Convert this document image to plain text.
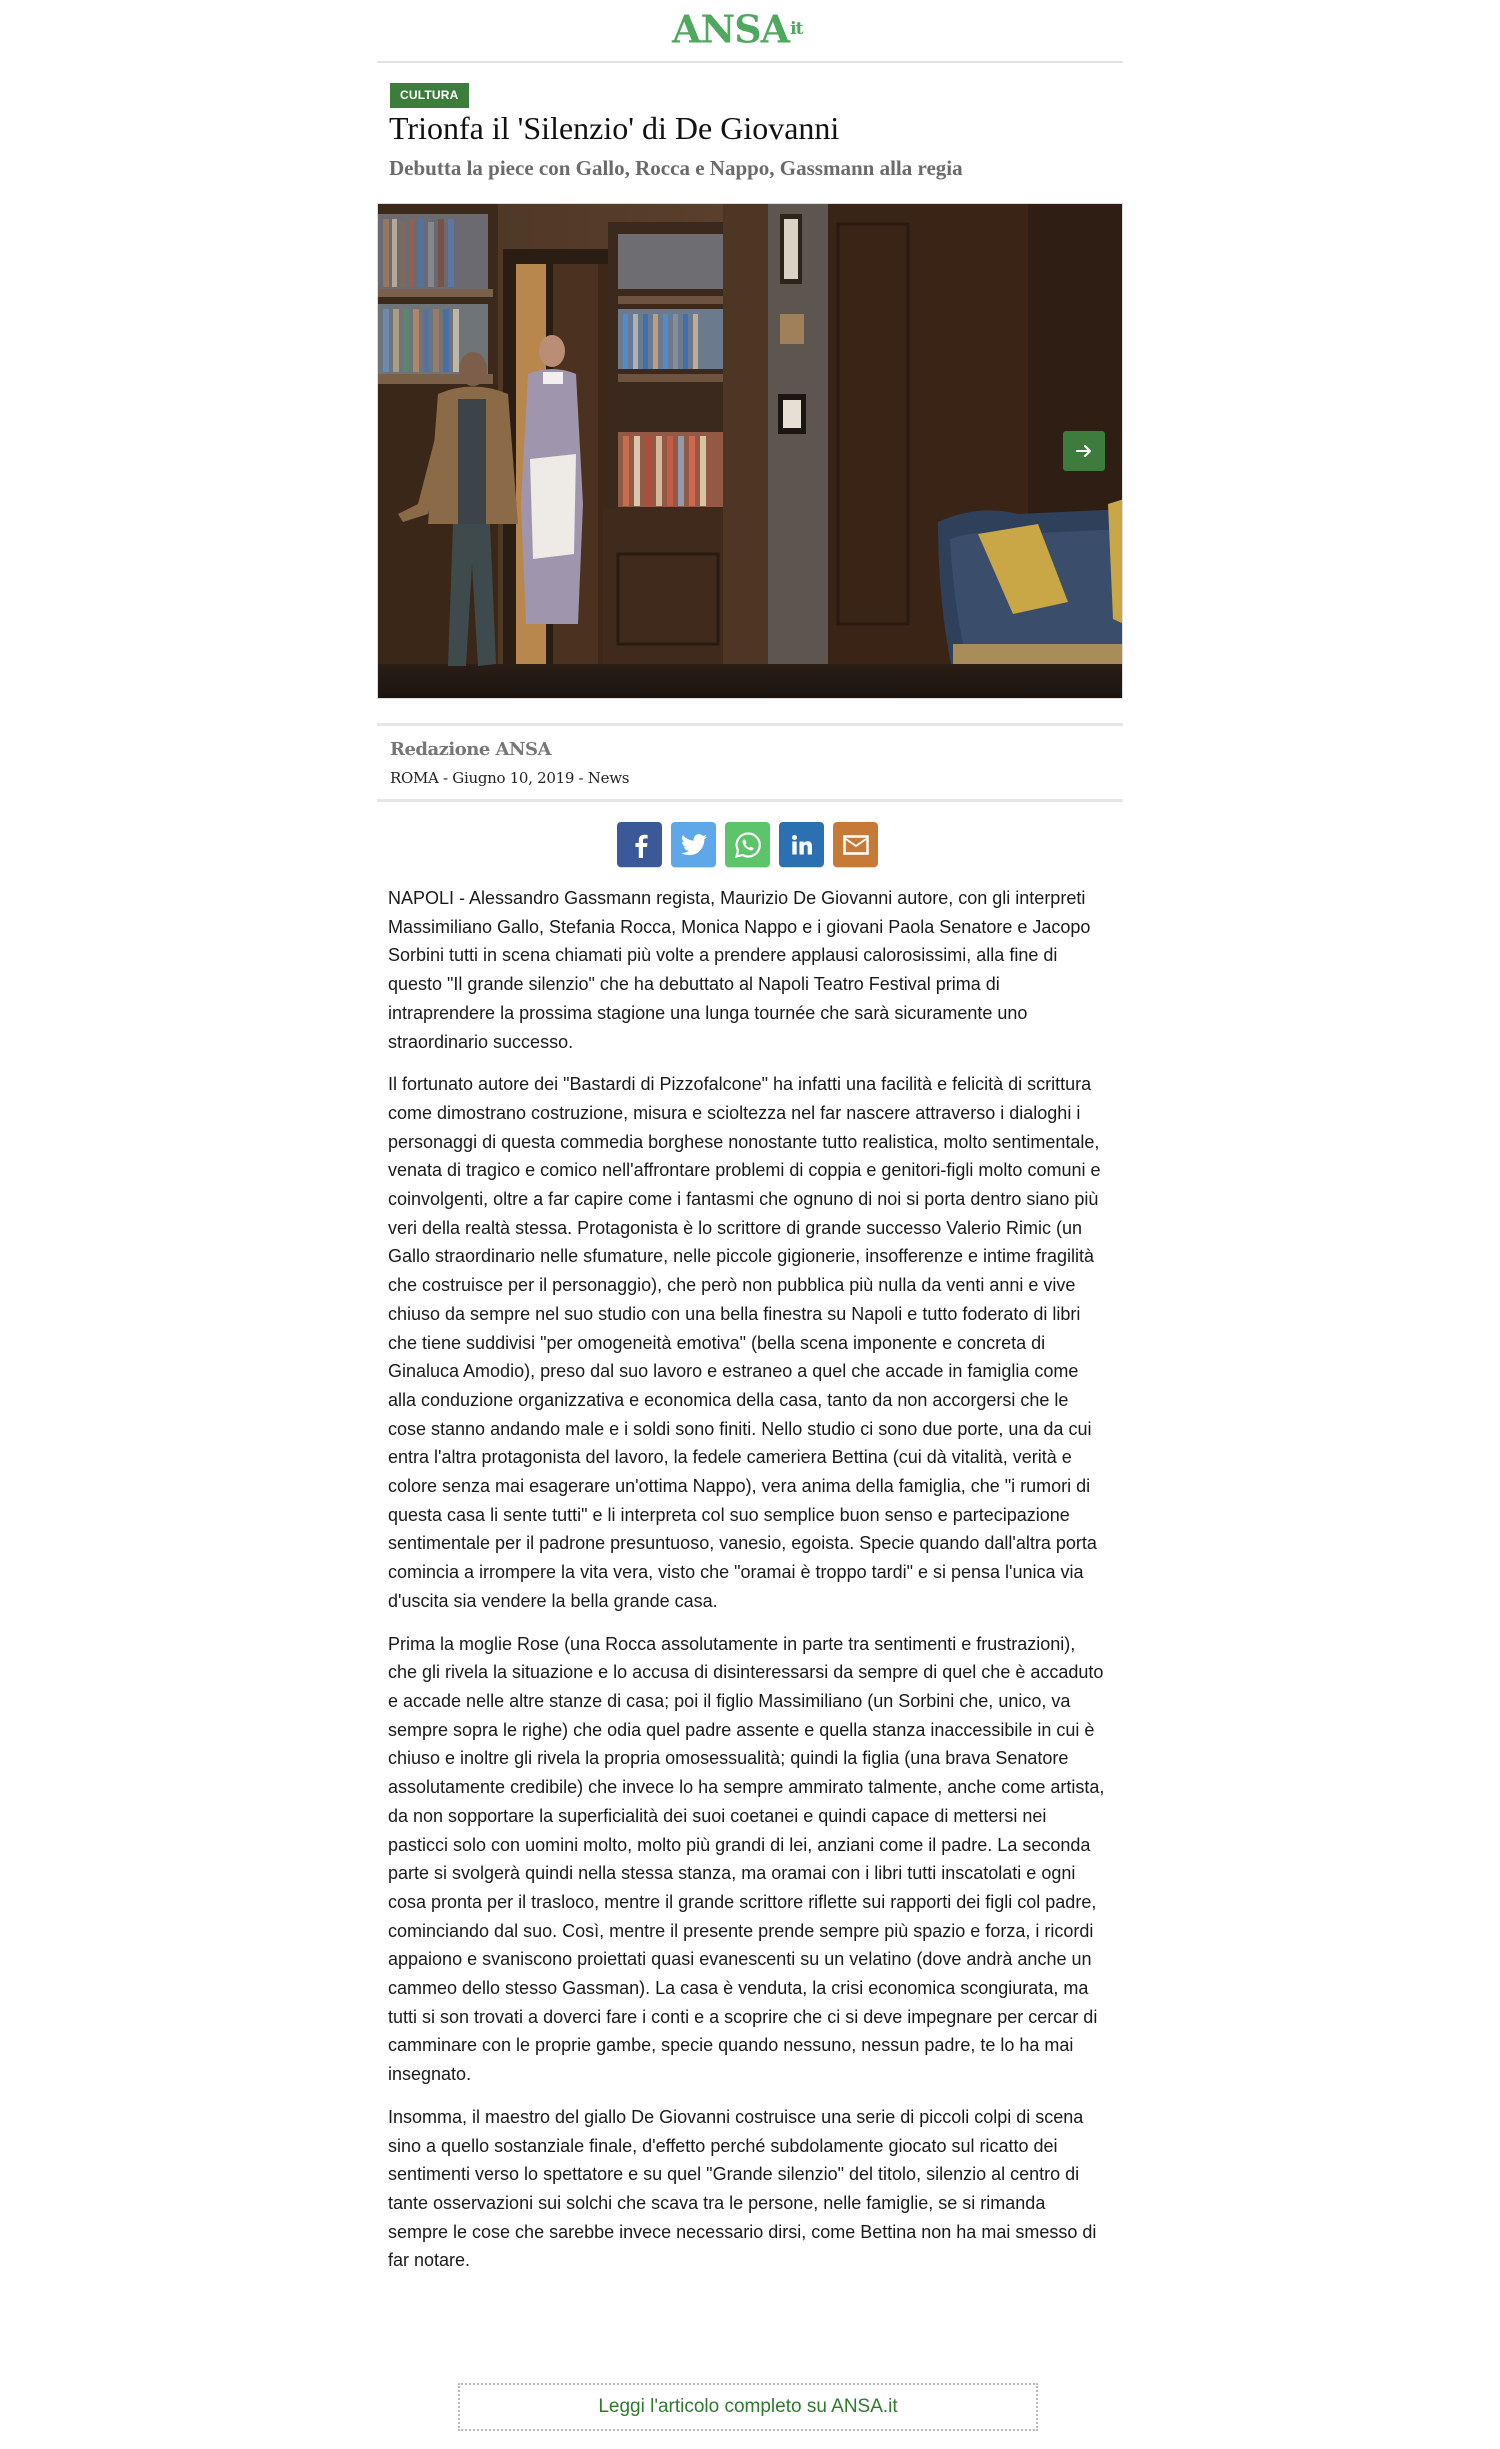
ANSA it
CULTURA
Trionfa il 'Silenzio' di De Giovanni
Debutta la piece con Gallo, Rocca e Nappo, Gassmann alla regia
Redazione ANSA
ROMA - Giugno 10, 2019 - News

NAPOLI - Alessandro Gassmann regista, Maurizio De Giovanni autore, con gli interpreti Massimiliano Gallo, Stefania Rocca, Monica Nappo e i giovani Paola Senatore e Jacopo Sorbini tutti in scena chiamati più volte a prendere applausi calorosissimi, alla fine di questo "Il grande silenzio" che ha debuttato al Napoli Teatro Festival prima di intraprendere la prossima stagione una lunga tournée che sarà sicuramente uno straordinario successo.

Il fortunato autore dei "Bastardi di Pizzofalcone" ha infatti una facilità e felicità di scrittura come dimostrano costruzione, misura e scioltezza nel far nascere attraverso i dialoghi i personaggi di questa commedia borghese nonostante tutto realistica, molto sentimentale, venata di tragico e comico nell'affrontare problemi di coppia e genitori-figli molto comuni e coinvolgenti, oltre a far capire come i fantasmi che ognuno di noi si porta dentro siano più veri della realtà stessa. Protagonista è lo scrittore di grande successo Valerio Rimic (un Gallo straordinario nelle sfumature, nelle piccole gigionerie, insofferenze e intime fragilità che costruisce per il personaggio), che però non pubblica più nulla da venti anni e vive chiuso da sempre nel suo studio con una bella finestra su Napoli e tutto foderato di libri che tiene suddivisi "per omogeneità emotiva" (bella scena imponente e concreta di Ginaluca Amodio), preso dal suo lavoro e estraneo a quel che accade in famiglia come alla conduzione organizzativa e economica della casa, tanto da non accorgersi che le cose stanno andando male e i soldi sono finiti. Nello studio ci sono due porte, una da cui entra l'altra protagonista del lavoro, la fedele cameriera Bettina (cui dà vitalità, verità e colore senza mai esagerare un'ottima Nappo), vera anima della famiglia, che "i rumori di questa casa li sente tutti" e li interpreta col suo semplice buon senso e partecipazione sentimentale per il padrone presuntuoso, vanesio, egoista. Specie quando dall'altra porta comincia a irrompere la vita vera, visto che "oramai è troppo tardi" e si pensa l'unica via d'uscita sia vendere la bella grande casa.

Prima la moglie Rose (una Rocca assolutamente in parte tra sentimenti e frustrazioni), che gli rivela la situazione e lo accusa di disinteressarsi da sempre di quel che è accaduto e accade nelle altre stanze di casa; poi il figlio Massimiliano (un Sorbini che, unico, va sempre sopra le righe) che odia quel padre assente e quella stanza inaccessibile in cui è chiuso e inoltre gli rivela la propria omosessualità; quindi la figlia (una brava Senatore assolutamente credibile) che invece lo ha sempre ammirato talmente, anche come artista, da non sopportare la superficialità dei suoi coetanei e quindi capace di mettersi nei pasticci solo con uomini molto, molto più grandi di lei, anziani come il padre. La seconda parte si svolgerà quindi nella stessa stanza, ma oramai con i libri tutti inscatolati e ogni cosa pronta per il trasloco, mentre il grande scrittore riflette sui rapporti dei figli col padre, cominciando dal suo. Così, mentre il presente prende sempre più spazio e forza, i ricordi appaiono e svaniscono proiettati quasi evanescenti su un velatino (dove andrà anche un cammeo dello stesso Gassman). La casa è venduta, la crisi economica scongiurata, ma tutti si son trovati a doverci fare i conti e a scoprire che ci si deve impegnare per cercar di camminare con le proprie gambe, specie quando nessuno, nessun padre, te lo ha mai insegnato.

Insomma, il maestro del giallo De Giovanni costruisce una serie di piccoli colpi di scena sino a quello sostanziale finale, d'effetto perché subdolamente giocato sul ricatto dei sentimenti verso lo spettatore e su quel "Grande silenzio" del titolo, silenzio al centro di tante osservazioni sui solchi che scava tra le persone, nelle famiglie, se si rimanda sempre le cose che sarebbe invece necessario dirsi, come Bettina non ha mai smesso di far notare.

Leggi l'articolo completo su ANSA.it
